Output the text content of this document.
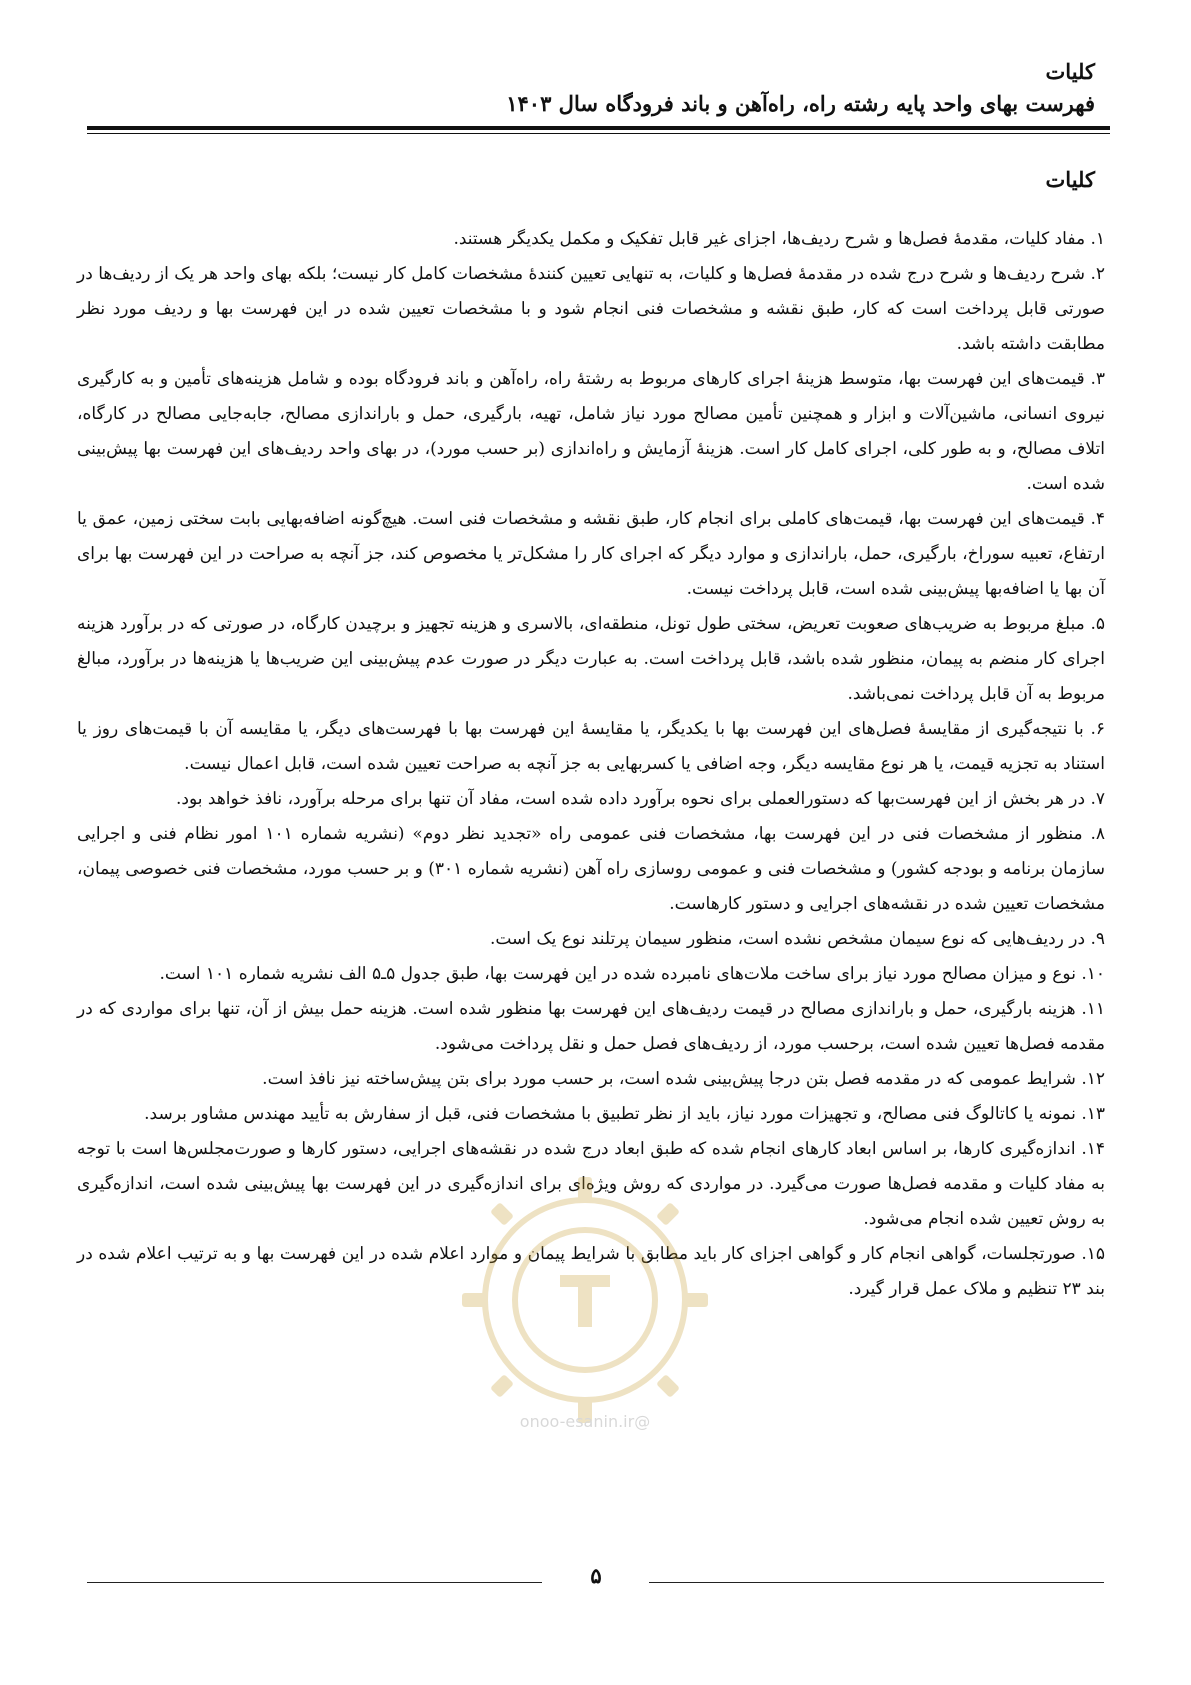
کلیات
فهرست بهای واحد پایه رشته راه، راه‌آهن و باند فرودگاه سال ۱۴۰۳
کلیات

۱. مفاد کلیات، مقدمهٔ فصل‌ها و شرح ردیف‌ها، اجزای غیر قابل تفکیک و مکمل یکدیگر هستند.

۲. شرح ردیف‌ها و شرح درج شده در مقدمهٔ فصل‌ها و کلیات، به تنهایی تعیین کنندهٔ مشخصات کامل کار نیست؛ بلکه بهای واحد هر یک از ردیف‌ها در صورتی قابل پرداخت است که کار، طبق نقشه و مشخصات فنی انجام شود و با مشخصات تعیین شده در این فهرست بها و ردیف مورد نظر مطابقت داشته باشد.

۳. قیمت‌های این فهرست بها، متوسط هزینهٔ اجرای کارهای مربوط به رشتهٔ راه، راه‌آهن و باند فرودگاه بوده و شامل هزینه‌های تأمین و به کارگیری نیروی انسانی، ماشین‌آلات و ابزار و همچنین تأمین مصالح مورد نیاز شامل، تهیه، بارگیری، حمل و باراندازی مصالح، جابه‌جایی مصالح در کارگاه، اتلاف مصالح، و به طور کلی، اجرای کامل کار است. هزینهٔ آزمایش و راه‌اندازی (بر حسب مورد)، در بهای واحد ردیف‌های این فهرست بها پیش‌بینی شده است.

۴. قیمت‌های این فهرست بها، قیمت‌های کاملی برای انجام کار، طبق نقشه و مشخصات فنی است. هیچ‌گونه اضافه‌بهایی بابت سختی زمین، عمق یا ارتفاع، تعبیه سوراخ، بارگیری، حمل، باراندازی و موارد دیگر که اجرای کار را مشکل‌تر یا مخصوص کند، جز آنچه به صراحت در این فهرست بها برای آن بها یا اضافه‌بها پیش‌بینی شده است، قابل پرداخت نیست.

۵. مبلغ مربوط به ضریب‌های صعوبت تعریض، سختی طول تونل، منطقه‌ای، بالاسری و هزینه تجهیز و برچیدن کارگاه، در صورتی که در برآورد هزینه اجرای کار منضم به پیمان، منظور شده باشد، قابل پرداخت است. به عبارت دیگر در صورت عدم پیش‌بینی این ضریب‌ها یا هزینه‌ها در برآورد، مبالغ مربوط به آن قابل پرداخت نمی‌باشد.

۶. با نتیجه‌گیری از مقایسهٔ فصل‌های این فهرست بها با یکدیگر، یا مقایسهٔ این فهرست بها با فهرست‌های دیگر، یا مقایسه آن با قیمت‌های روز یا استناد به تجزیه قیمت، یا هر نوع مقایسه دیگر، وجه اضافی یا کسربهایی به جز آنچه به صراحت تعیین شده است، قابل اعمال نیست.

۷. در هر بخش از این فهرست‌بها که دستورالعملی برای نحوه برآورد داده شده است، مفاد آن تنها برای مرحله برآورد، نافذ خواهد بود.

۸. منظور از مشخصات فنی در این فهرست بها، مشخصات فنی عمومی راه «تجدید نظر دوم» (نشریه شماره ۱۰۱ امور نظام فنی و اجرایی سازمان برنامه و بودجه کشور) و مشخصات فنی و عمومی روسازی راه آهن (نشریه شماره ۳۰۱) و بر حسب مورد، مشخصات فنی خصوصی پیمان، مشخصات تعیین شده در نقشه‌های اجرایی و دستور کارهاست.

۹. در ردیف‌هایی که نوع سیمان مشخص نشده است، منظور سیمان پرتلند نوع یک است.

۱۰. نوع و میزان مصالح مورد نیاز برای ساخت ملات‌های نامبرده شده در این فهرست بها، طبق جدول ۵ـ۵ الف نشریه شماره ۱۰۱ است.

۱۱. هزینه بارگیری، حمل و باراندازی مصالح در قیمت ردیف‌های این فهرست بها منظور شده است. هزینه حمل بیش از آن، تنها برای مواردی که در مقدمه فصل‌ها تعیین شده است، برحسب مورد، از ردیف‌های فصل حمل و نقل پرداخت می‌شود.

۱۲. شرایط عمومی که در مقدمه فصل بتن درجا پیش‌بینی شده است، بر حسب مورد برای بتن پیش‌ساخته نیز نافذ است.

۱۳. نمونه یا کاتالوگ فنی مصالح، و تجهیزات مورد نیاز، باید از نظر تطبیق با مشخصات فنی، قبل از سفارش به تأیید مهندس مشاور برسد.

۱۴. اندازه‌گیری کارها، بر اساس ابعاد کارهای انجام شده که طبق ابعاد درج شده در نقشه‌های اجرایی، دستور کارها و صورت‌مجلس‌ها است با توجه به مفاد کلیات و مقدمه فصل‌ها صورت می‌گیرد. در مواردی که روش ویژه‌ای برای اندازه‌گیری در این فهرست بها پیش‌بینی شده است، اندازه‌گیری به روش تعیین شده انجام می‌شود.

۱۵. صورتجلسات، گواهی انجام کار و گواهی اجزای کار باید مطابق با شرایط پیمان و موارد اعلام شده در این فهرست بها و به ترتیب اعلام شده در بند ۲۳ تنظیم و ملاک عمل قرار گیرد.

@onoo-esanin.ir
۵
